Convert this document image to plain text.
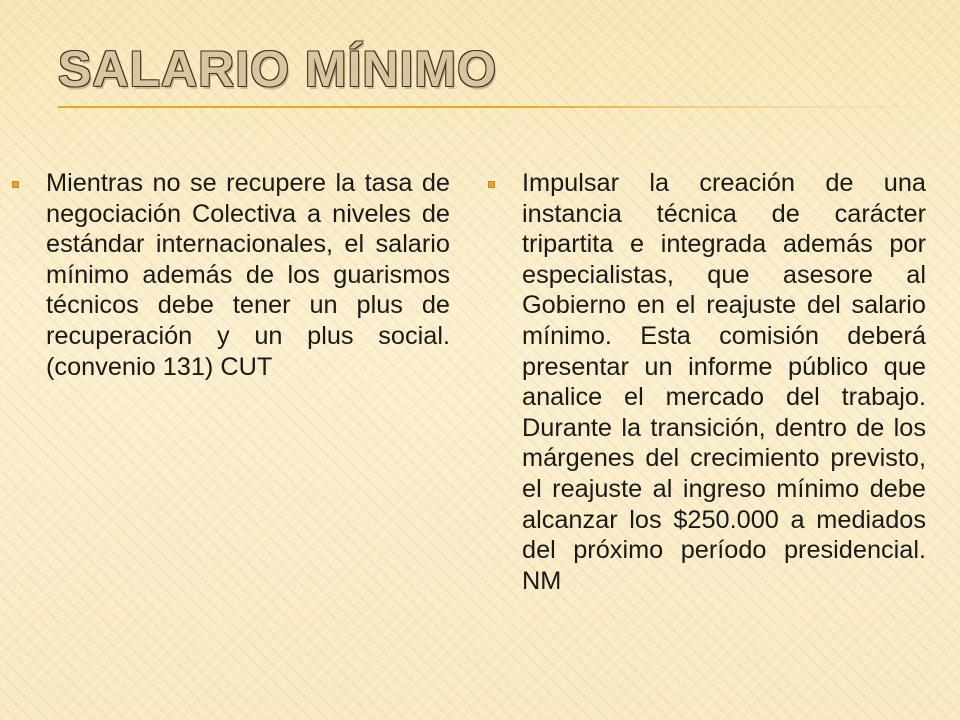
SALARIO MÍNIMO

Mientras no se recupere la tasa de negociación Colectiva a niveles de estándar internacionales, el salario mínimo además de los guarismos técnicos debe tener un plus de recuperación y un plus social. (convenio 131) CUT

Impulsar la creación de una instancia técnica de carácter tripartita e integrada además por especialistas, que asesore al Gobierno en el reajuste del salario mínimo. Esta comisión deberá presentar un informe público que analice el mercado del trabajo. Durante la transición, dentro de los márgenes del crecimiento previsto, el reajuste al ingreso mínimo debe alcanzar los $250.000 a mediados del próximo período presidencial. NM
